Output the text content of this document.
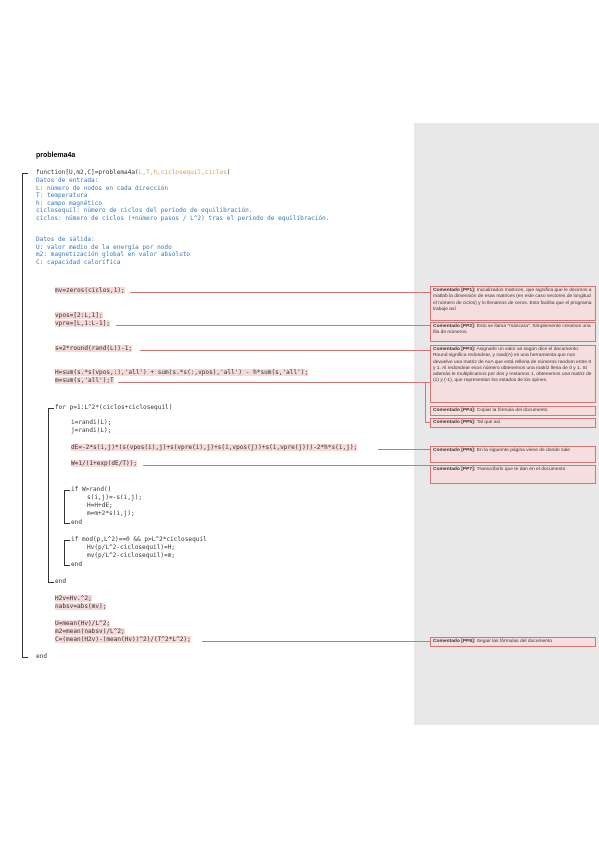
problema4a
function[U,m2,C]=problema4a(L,T,h,ciclosequil,ciclos)
Datos de entrada:
L: número de nodos en cada dirección
T: temperatura
h: campo magnético
ciclosequil: número de ciclos del periodo de equilibración.
ciclos: número de ciclos (+número pasos / L^2) tras el periodo de equilibración.
Datos de salida:
U: valor medio de la energía por nodo
m2: magnetización global en valor absoluto
C: capacidad calorífica
mv=zeros(ciclos,1);
vpos=[2:L,1];
vpre=[L,1:L-1];
s=2*round(rand(L))-1;
H=sum(s.*s(vpos,:),'all') + sum(s.*s(:,vpos),'all') - h*sum(s,'all');
m=sum(s,'all');T
for p=1:L^2*(ciclos+ciclosequil)
i=randi(L);
j=randi(L);
dE=-2*s(i,j)*(s(vpos(i),j)+s(vpre(i),j)+s(i,vpos(j))+s(i,vpre(j)))-2*h*s(i,j);
W=1/(1+exp(dE/T));
if W>rand()
s(i,j)=-s(i,j);
H=H+dE;
m=m+2*s(i,j);
end
if mod(p,L^2)==0 && p>L^2*ciclosequil
Hv(p/L^2-ciclosequil)=H;
mv(p/L^2-ciclosequil)=m;
end
end
H2v=Hv.^2;
nabsv=abs(mv);
U=mean(Hv)/L^2;
m2=mean(nabsv)/L^2;
C=(mean(H2v)-(mean(Hv))^2)/(T^2*L^2);
end
Comentado [PP1]: Inicializados matrices, que significa que le decimos a matlab la dimensión de esas matrices (en este caso vectores de longitud el número de ciclos) y lo llenamos de ceros. Esto facilita que el programa trabaje así
Comentado [PP2]: Esto se llama "máscara". Simplemente creamos una fila de números.
Comentado [PP3]: Asignarle un valor as según dice el documento. Round significa redondear, y rand(A) es una herramienta que nos devuelve una matriz de AxA que está rellena de números random entre 0 y 1. Al redondear esos número obtenemos una matriz llena de 0 y 1. Si además le multiplicamos por dos y restamos 1, obtenemos una matriz de (1) y (-1), que representan los estados de los spines.
Comentado [PP4]: Copiar la fórmula del documento
Comentado [PP5]: Tal que así
Comentado [PP6]: En la siguiente página viene de donde sale
Comentado [PP7]: Transcribirlo que te dan en el documento
Comentado [PP8]: Seguir las fórmulas del documento
